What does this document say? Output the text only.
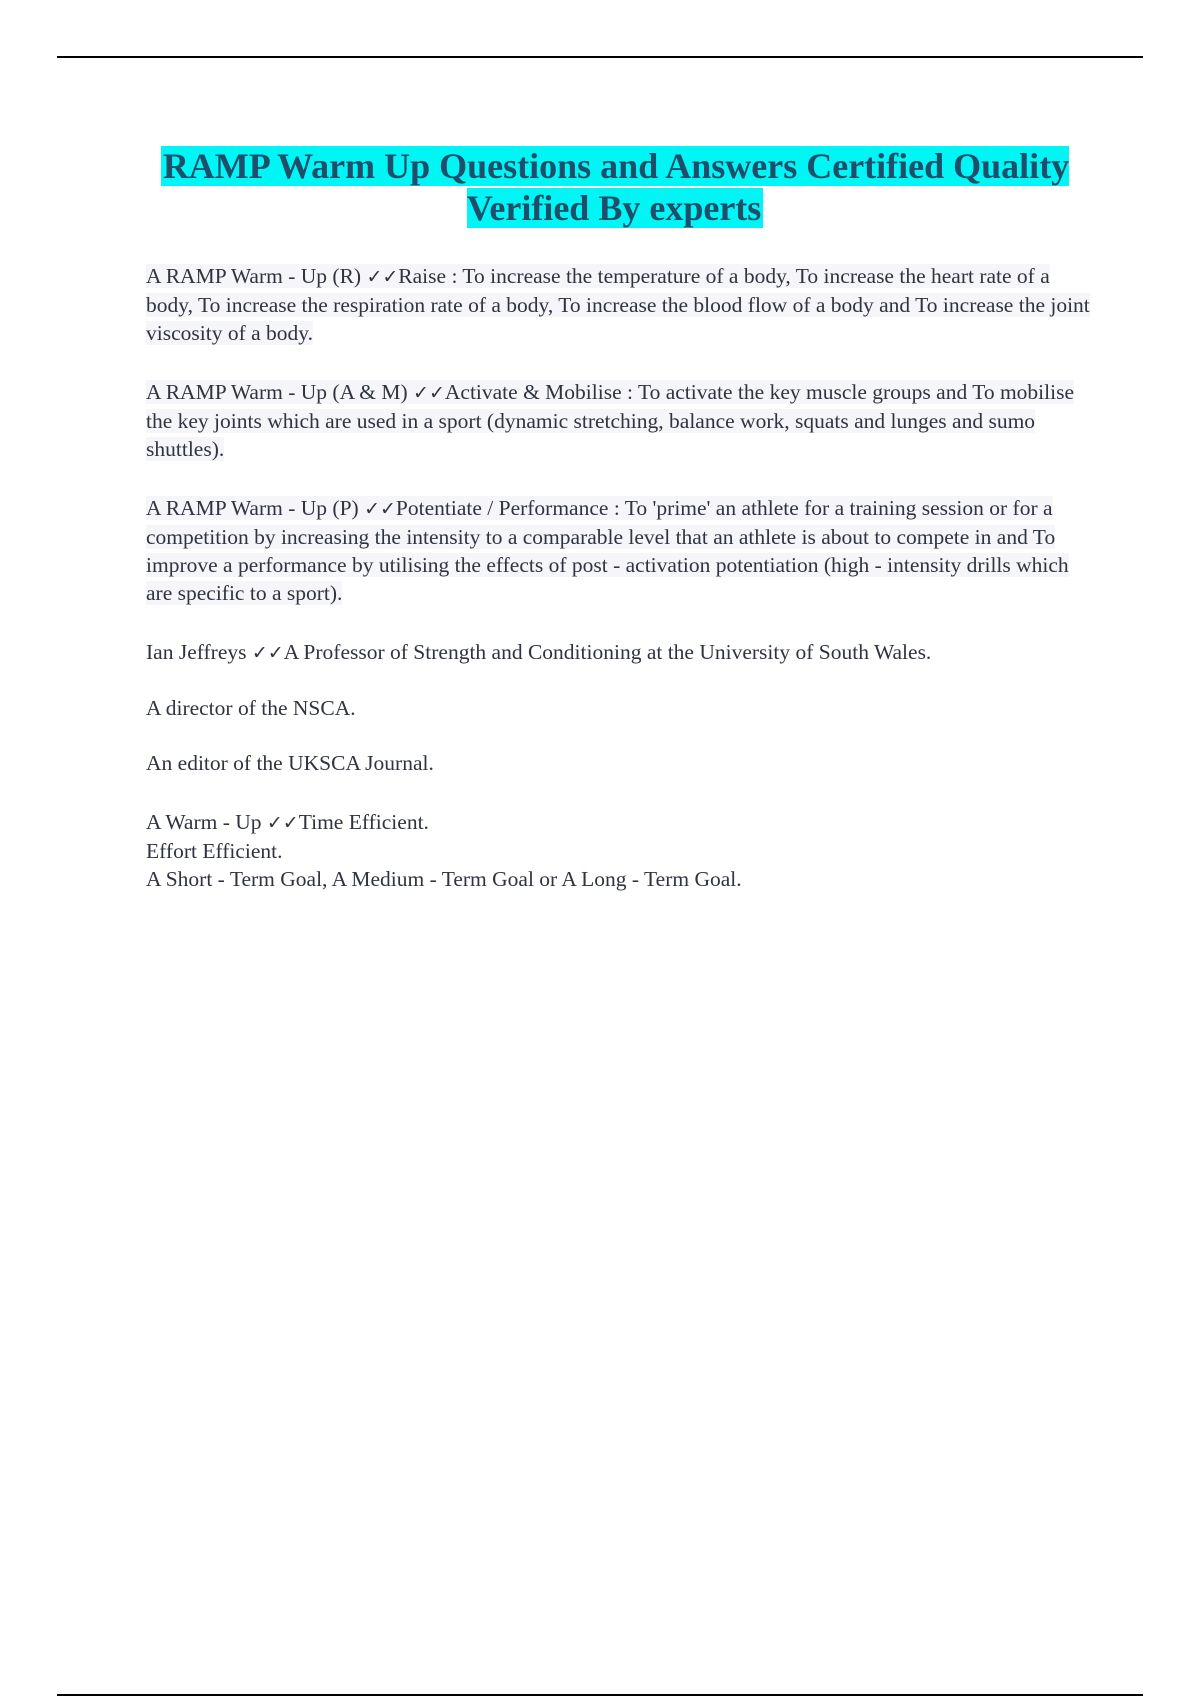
RAMP Warm Up Questions and Answers Certified Quality Verified By experts

A RAMP Warm - Up (R) ✓✓Raise : To increase the temperature of a body, To increase the heart rate of a body, To increase the respiration rate of a body, To increase the blood flow of a body and To increase the joint viscosity of a body.

A RAMP Warm - Up (A & M) ✓✓Activate & Mobilise : To activate the key muscle groups and To mobilise the key joints which are used in a sport (dynamic stretching, balance work, squats and lunges and sumo shuttles).

A RAMP Warm - Up (P) ✓✓Potentiate / Performance : To 'prime' an athlete for a training session or for a competition by increasing the intensity to a comparable level that an athlete is about to compete in and To improve a performance by utilising the effects of post - activation potentiation (high - intensity drills which are specific to a sport).

Ian Jeffreys ✓✓A Professor of Strength and Conditioning at the University of South Wales.

A director of the NSCA.

An editor of the UKSCA Journal.

A Warm - Up ✓✓Time Efficient.
Effort Efficient.
A Short - Term Goal, A Medium - Term Goal or A Long - Term Goal.
